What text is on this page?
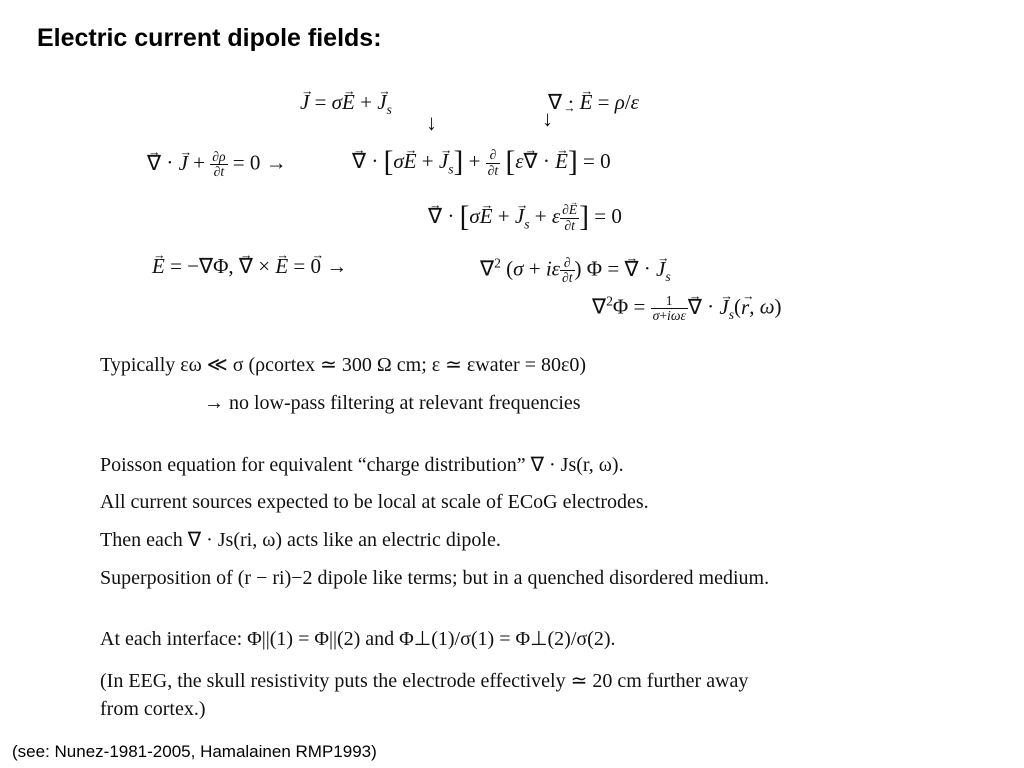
Electric current dipole fields:
→ J = σ→ E + → $J_s$
↓
∇ · → E = ρ/ε
↓
→ ∇ · → $J + \frac{\partial\rho}{\partial t} = 0$ →	→ ∇ · [σ→ E + → $J_s] + \frac{\partial}{\partial t} [\varepsilon\to$ ∇ · → E] = 0
→ ∇ · [σ→ E + → $J_s + \varepsilon \frac{\partial\to E}{\partial t}$ ] = 0
→ E = −∇Φ, → ∇ × → E = → 0 →	∇$^2$ (σ + iε $\frac{\partial}{\partial t}$ ) Φ = → ∇ · → $J_s$
$\nabla^2\Phi = \frac{1}{\text{σ+iωε}}$ → ∇ · → $J_s(\to r$, ω)
Typically εω ≪ σ (ρcortex ≃ 300 Ω cm; ε ≃ εwater = 80ε0)
→ no low-pass filtering at relevant frequencies
Poisson equation for equivalent “charge distribution” ∇ · Js(r, ω).
All current sources expected to be local at scale of ECoG electrodes.
Then each ∇ · Js(ri, ω) acts like an electric dipole.
Superposition of (r − ri)−2 dipole like terms; but in a quenched disordered medium.
At each interface: Φ||(1) = Φ||(2) and Φ⊥(1)/σ(1) = Φ⊥(2)/σ(2).
(In EEG, the skull resistivity puts the electrode effectively ≃ 20 cm further away
from cortex.)
(see: Nunez-1981-2005, Hamalainen RMP1993)
